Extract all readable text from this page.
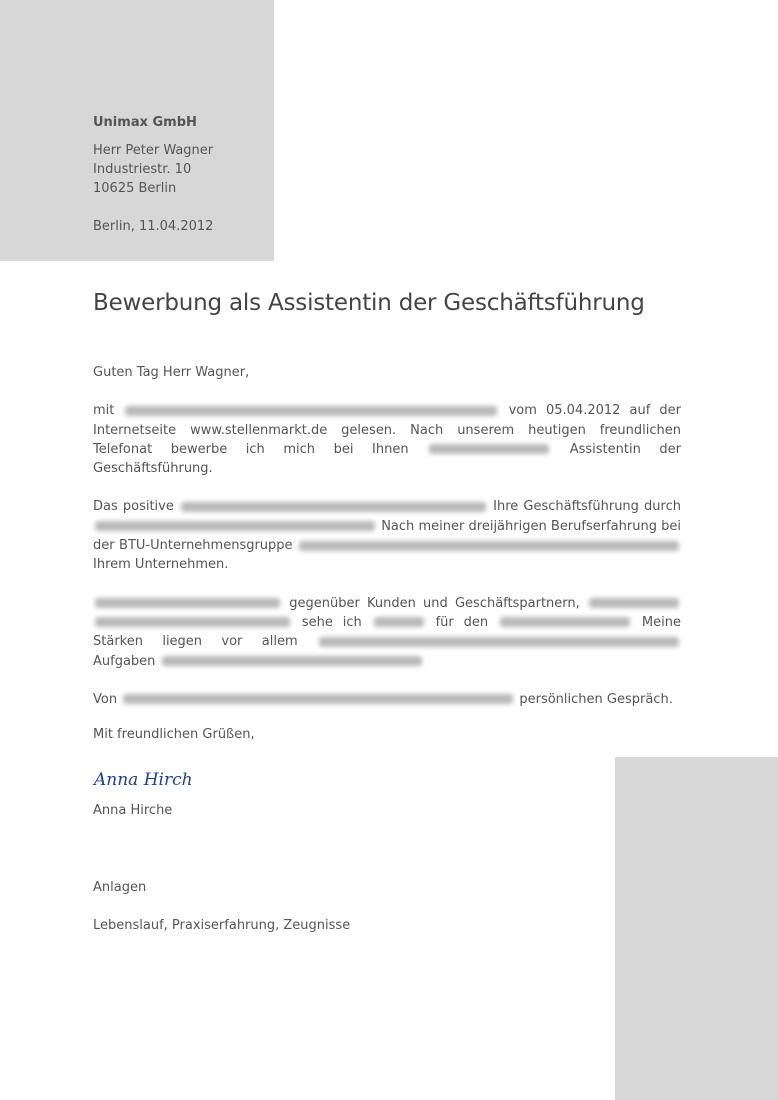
Unimax GmbH
Herr Peter Wagner
Industriestr. 10
10625 Berlin
Berlin, 11.04.2012
Bewerbung als Assistentin der Geschäftsführung

Guten Tag Herr Wagner,

mit	vom 05.04.2012 auf der Internetseite www.stellenmarkt.de gelesen. Nach unserem heutigen freundlichen Telefonat bewerbe ich mich bei Ihnen	Assistentin der Geschäftsführung.

Das positive	Ihre Geschäftsführung durch  Nach meiner dreijährigen Berufserfahrung bei der BTU-Unternehmensgruppe  Ihrem Unternehmen.

gegenüber Kunden und Geschäftspartnern,   sehe ich	für den	Meine Stärken liegen vor allem  Aufgaben

Von	persönlichen Gespräch.

Mit freundlichen Grüßen,
Anna Hirche
Anna Hirche
Anlagen
Lebenslauf, Praxiserfahrung, Zeugnisse
